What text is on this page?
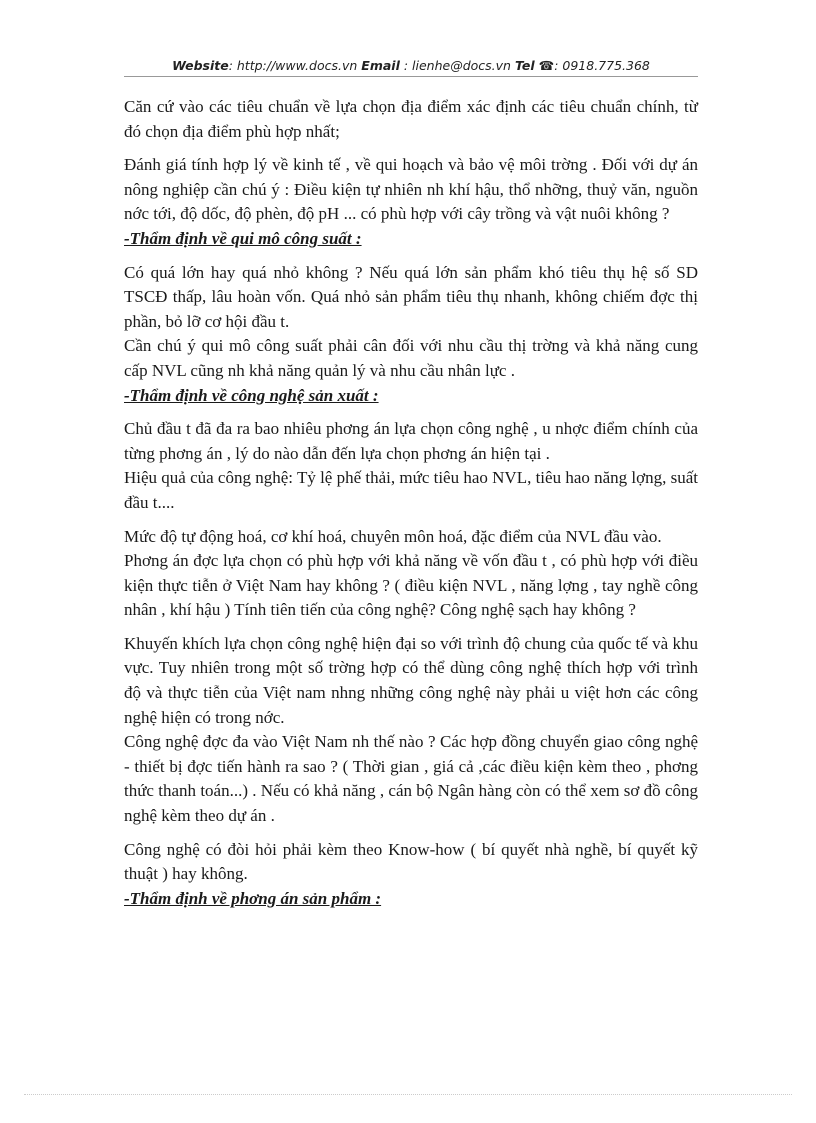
Website: http://www.docs.vn Email : lienhe@docs.vn Tel ☎: 0918.775.368

Căn cứ vào các tiêu chuẩn về lựa chọn địa điểm xác định các tiêu chuẩn chính, từ đó chọn địa điểm phù hợp nhất;

Đánh giá tính hợp lý về kinh tế , về qui hoạch và bảo vệ môi trờng . Đối với dự án nông nghiệp cần chú ý : Điều kiện tự nhiên nh khí hậu, thổ nhỡng, thuỷ văn, nguồn nớc tới, độ dốc, độ phèn, độ pH ... có phù hợp với cây trồng và vật nuôi không ?

-Thẩm định về qui mô công suất :

Có quá lớn hay quá nhỏ không ? Nếu quá lớn sản phẩm khó tiêu thụ hệ số SD TSCĐ thấp, lâu hoàn vốn. Quá nhỏ sản phẩm tiêu thụ nhanh, không chiếm đợc thị phần, bỏ lỡ cơ hội đầu t.

Cần chú ý qui mô công suất phải cân đối với nhu cầu thị trờng và khả năng cung cấp NVL cũng nh khả năng quản lý và nhu cầu nhân lực .

-Thẩm định về công nghệ sản xuất :

Chủ đầu t đã đa ra bao nhiêu phơng án lựa chọn công nghệ , u nhợc điểm chính của từng phơng án , lý do nào dẫn đến lựa chọn phơng án hiện tại .

Hiệu quả của công nghệ: Tỷ lệ phế thải, mức tiêu hao NVL, tiêu hao năng lợng, suất đầu t....

Mức độ tự động hoá, cơ khí hoá, chuyên môn hoá, đặc điểm của NVL đầu vào.

Phơng án đợc lựa chọn có phù hợp với khả năng về vốn đầu t , có phù hợp với điều kiện thực tiễn ở Việt Nam hay không ? ( điều kiện NVL , năng lợng , tay nghề công nhân , khí hậu ) Tính tiên tiến của công nghệ? Công nghệ sạch hay không ?

Khuyến khích lựa chọn công nghệ hiện đại so với trình độ chung của quốc tế và khu vực. Tuy nhiên trong một số trờng hợp có thể dùng công nghệ thích hợp với trình độ và thực tiễn của Việt nam nhng những công nghệ này phải u việt hơn các công nghệ hiện có trong nớc.

Công nghệ đợc đa vào Việt Nam nh thế nào ? Các hợp đồng chuyển giao công nghệ - thiết bị đợc tiến hành ra sao ? ( Thời gian , giá cả ,các điều kiện kèm theo , phơng thức thanh toán...) . Nếu có khả năng , cán bộ Ngân hàng còn có thể xem sơ đồ công nghệ kèm theo dự án .

Công nghệ có đòi hỏi phải kèm theo Know-how ( bí quyết nhà nghề, bí quyết kỹ thuật ) hay không.

-Thẩm định về phơng án sản phẩm :
